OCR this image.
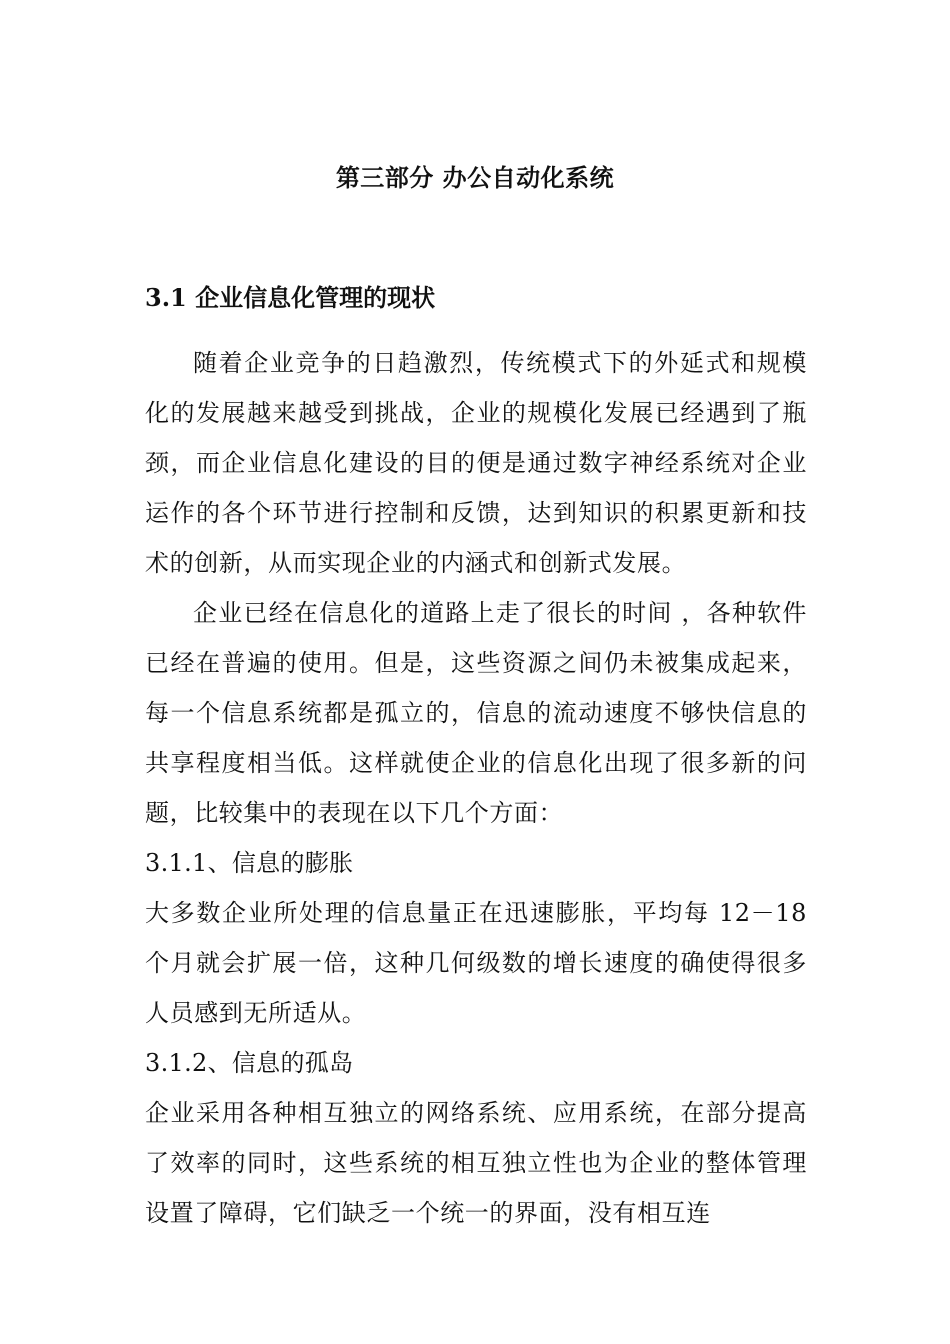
第三部分 办公自动化系统
3.1 企业信息化管理的现状

随着企业竞争的日趋激烈，传统模式下的外延式和规模化的发展越来越受到挑战，企业的规模化发展已经遇到了瓶颈，而企业信息化建设的目的便是通过数字神经系统对企业运作的各个环节进行控制和反馈，达到知识的积累更新和技术的创新，从而实现企业的内涵式和创新式发展。

企业已经在信息化的道路上走了很长的时间 ，各种软件已经在普遍的使用。但是，这些资源之间仍未被集成起来，每一个信息系统都是孤立的，信息的流动速度不够快信息的共享程度相当低。这样就使企业的信息化出现了很多新的问题，比较集中的表现在以下几个方面：

3.1.1、信息的膨胀

大多数企业所处理的信息量正在迅速膨胀，平均每 12－18 个月就会扩展一倍，这种几何级数的增长速度的确使得很多人员感到无所适从。

3.1.2、信息的孤岛

企业采用各种相互独立的网络系统、应用系统，在部分提高了效率的同时，这些系统的相互独立性也为企业的整体管理设置了障碍，它们缺乏一个统一的界面，没有相互连
